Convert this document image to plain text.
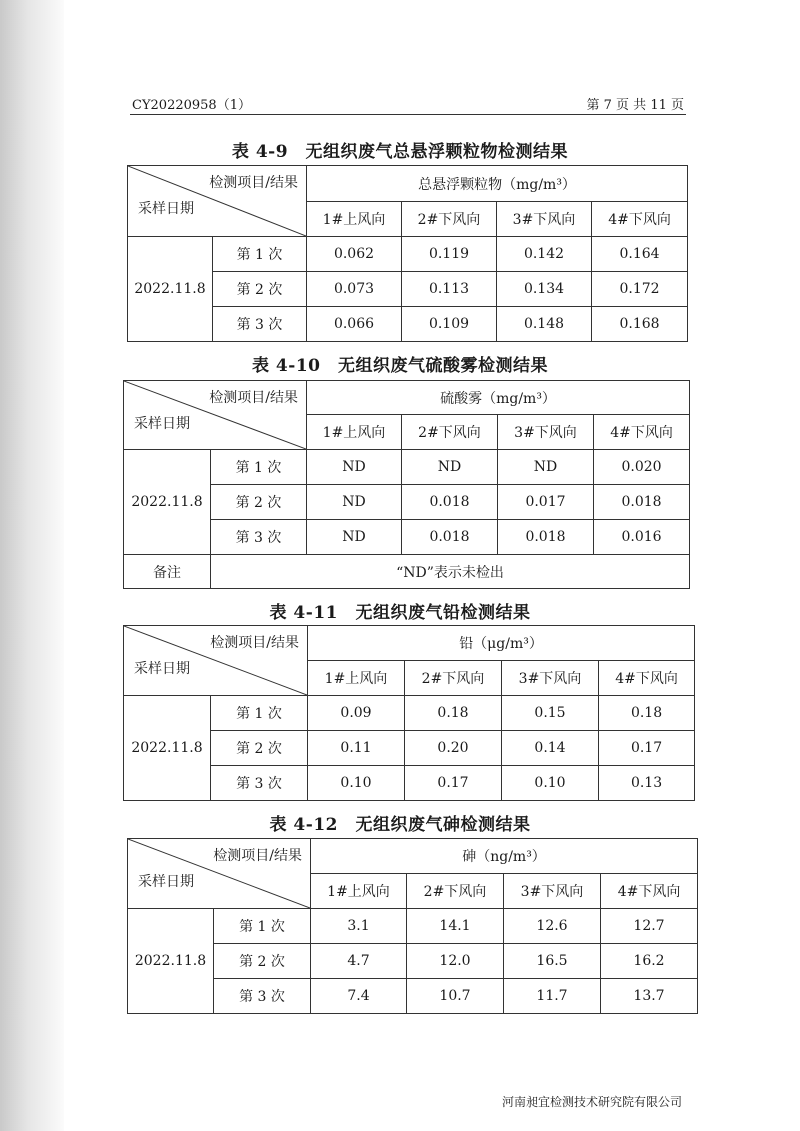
CY20220958（1）	第 7 页 共 11 页
表 4-9　无组织废气总悬浮颗粒物检测结果
检测项目/结果
采样日期		总悬浮颗粒物（mg/m³）			
		1#上风向	2#下风向	3#下风向	4#下风向
2022.11.8	第 1 次	0.062	0.119	0.142	0.164
	第 2 次	0.073	0.113	0.134	0.172
	第 3 次	0.066	0.109	0.148	0.168
表 4-10　无组织废气硫酸雾检测结果
检测项目/结果
采样日期		硫酸雾（mg/m³）			
		1#上风向	2#下风向	3#下风向	4#下风向
2022.11.8	第 1 次	ND	ND	ND	0.020
	第 2 次	ND	0.018	0.017	0.018
	第 3 次	ND	0.018	0.018	0.016
备注	“ND”表示未检出				
表 4-11　无组织废气铅检测结果
检测项目/结果
采样日期		铅（μg/m³）			
		1#上风向	2#下风向	3#下风向	4#下风向
2022.11.8	第 1 次	0.09	0.18	0.15	0.18
	第 2 次	0.11	0.20	0.14	0.17
	第 3 次	0.10	0.17	0.10	0.13
表 4-12　无组织废气砷检测结果
检测项目/结果
采样日期		砷（ng/m³）			
		1#上风向	2#下风向	3#下风向	4#下风向
2022.11.8	第 1 次	3.1	14.1	12.6	12.7
	第 2 次	4.7	12.0	16.5	16.2
	第 3 次	7.4	10.7	11.7	13.7
河南昶宜检测技术研究院有限公司
